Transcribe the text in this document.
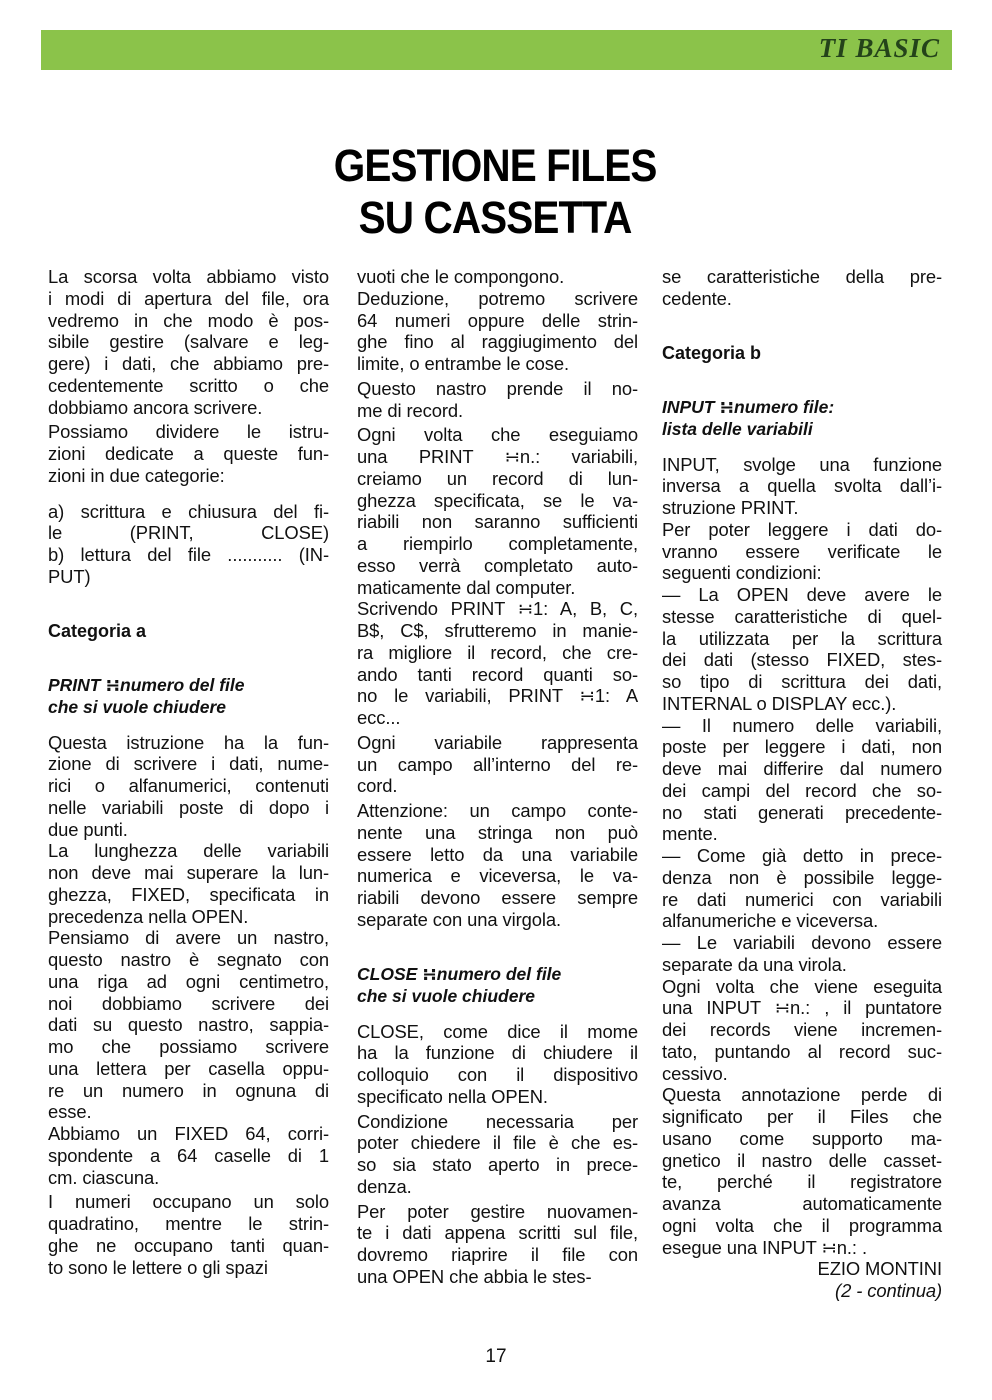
TI BASIC
GESTIONE FILES
SU CASSETTA
La scorsa volta abbiamo visto
i modi di apertura del file, ora
vedremo in che modo è pos-
sibile gestire (salvare e leg-
gere) i dati, che abbiamo pre-
cedentemente scritto o che
dobbiamo ancora scrivere.
Possiamo dividere le istru-
zioni dedicate a queste fun-
zioni in due categorie:
a) scrittura e chiusura del fi-
le (PRINT, CLOSE)
b) lettura del file ........... (IN-
PUT)
Categoria a
PRINT ∺numero del file
che si vuole chiudere
Questa istruzione ha la fun-
zione di scrivere i dati, nume-
rici o alfanumerici, contenuti
nelle variabili poste di dopo i
due punti.
La lunghezza delle variabili
non deve mai superare la lun-
ghezza, FIXED, specificata in
precedenza nella OPEN.
Pensiamo di avere un nastro,
questo nastro è segnato con
una riga ad ogni centimetro,
noi dobbiamo scrivere dei
dati su questo nastro, sappia-
mo che possiamo scrivere
una lettera per casella oppu-
re un numero in ognuna di
esse.
Abbiamo un FIXED 64, corri-
spondente a 64 caselle di 1
cm. ciascuna.
I numeri occupano un solo
quadratino, mentre le strin-
ghe ne occupano tanti quan-
to sono le lettere o gli spazi
vuoti che le compongono.
Deduzione, potremo scrivere
64 numeri oppure delle strin-
ghe fino al raggiugimento del
limite, o entrambe le cose.
Questo nastro prende il no-
me di record.
Ogni volta che eseguiamo
una PRINT ∺n.: variabili,
creiamo un record di lun-
ghezza specificata, se le va-
riabili non saranno sufficienti
a riempirlo completamente,
esso verrà completato auto-
maticamente dal computer.
Scrivendo PRINT ∺1: A, B, C,
B$, C$, sfrutteremo in manie-
ra migliore il record, che cre-
ando tanti record quanti so-
no le variabili, PRINT ∺1: A
ecc...
Ogni variabile rappresenta
un campo all’interno del re-
cord.
Attenzione: un campo conte-
nente una stringa non può
essere letto da una variabile
numerica e viceversa, le va-
riabili devono essere sempre
separate con una virgola.
CLOSE ∺numero del file
che si vuole chiudere
CLOSE, come dice il mome
ha la funzione di chiudere il
colloquio con il dispositivo
specificato nella OPEN.
Condizione necessaria per
poter chiedere il file è che es-
so sia stato aperto in prece-
denza.
Per poter gestire nuovamen-
te i dati appena scritti sul file,
dovremo riaprire il file con
una OPEN che abbia le stes-
se caratteristiche della pre-
cedente.
Categoria b
INPUT ∺numero file:
lista delle variabili
INPUT, svolge una funzione
inversa a quella svolta dall’i-
struzione PRINT.
Per poter leggere i dati do-
vranno essere verificate le
seguenti condizioni:
— La OPEN deve avere le
stesse caratteristiche di quel-
la utilizzata per la scrittura
dei dati (stesso FIXED, stes-
so tipo di scrittura dei dati,
INTERNAL o DISPLAY ecc.).
— Il numero delle variabili,
poste per leggere i dati, non
deve mai differire dal numero
dei campi del record che so-
no stati generati precedente-
mente.
— Come già detto in prece-
denza non è possibile legge-
re dati numerici con variabili
alfanumeriche e viceversa.
— Le variabili devono essere
separate da una virola.
Ogni volta che viene eseguita
una INPUT ∺n.: , il puntatore
dei records viene incremen-
tato, puntando al record suc-
cessivo.
Questa annotazione perde di
significato per il Files che
usano come supporto ma-
gnetico il nastro delle casset-
te, perché il registratore
avanza automaticamente
ogni volta che il programma
esegue una INPUT ∺n.: .
EZIO MONTINI
(2 - continua)
17
